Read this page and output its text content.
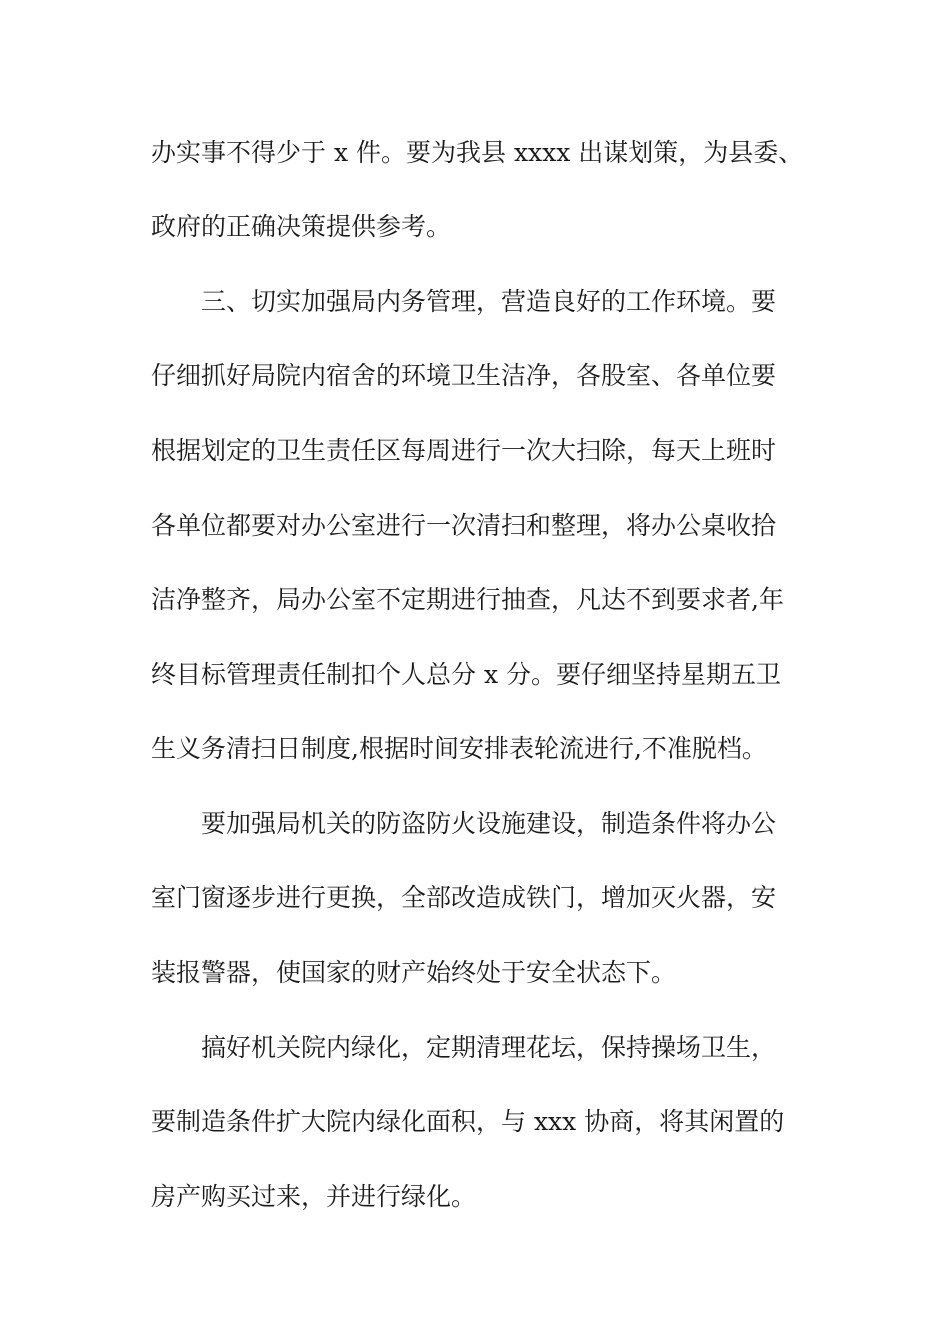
办实事不得少于 x 件。要为我县 xxxx 出谋划策，为县委、
政府的正确决策提供参考。
三、切实加强局内务管理，营造良好的工作环境。要
仔细抓好局院内宿舍的环境卫生洁净，各股室、各单位要
根据划定的卫生责任区每周进行一次大扫除，每天上班时
各单位都要对办公室进行一次清扫和整理，将办公桌收拾
洁净整齐，局办公室不定期进行抽查，凡达不到要求者,年
终目标管理责任制扣个人总分 x 分。要仔细坚持星期五卫
生义务清扫日制度,根据时间安排表轮流进行,不准脱档。
要加强局机关的防盗防火设施建设，制造条件将办公
室门窗逐步进行更换，全部改造成铁门，增加灭火器，安
装报警器，使国家的财产始终处于安全状态下。
搞好机关院内绿化，定期清理花坛，保持操场卫生，
要制造条件扩大院内绿化面积，与 xxx 协商，将其闲置的
房产购买过来，并进行绿化。
